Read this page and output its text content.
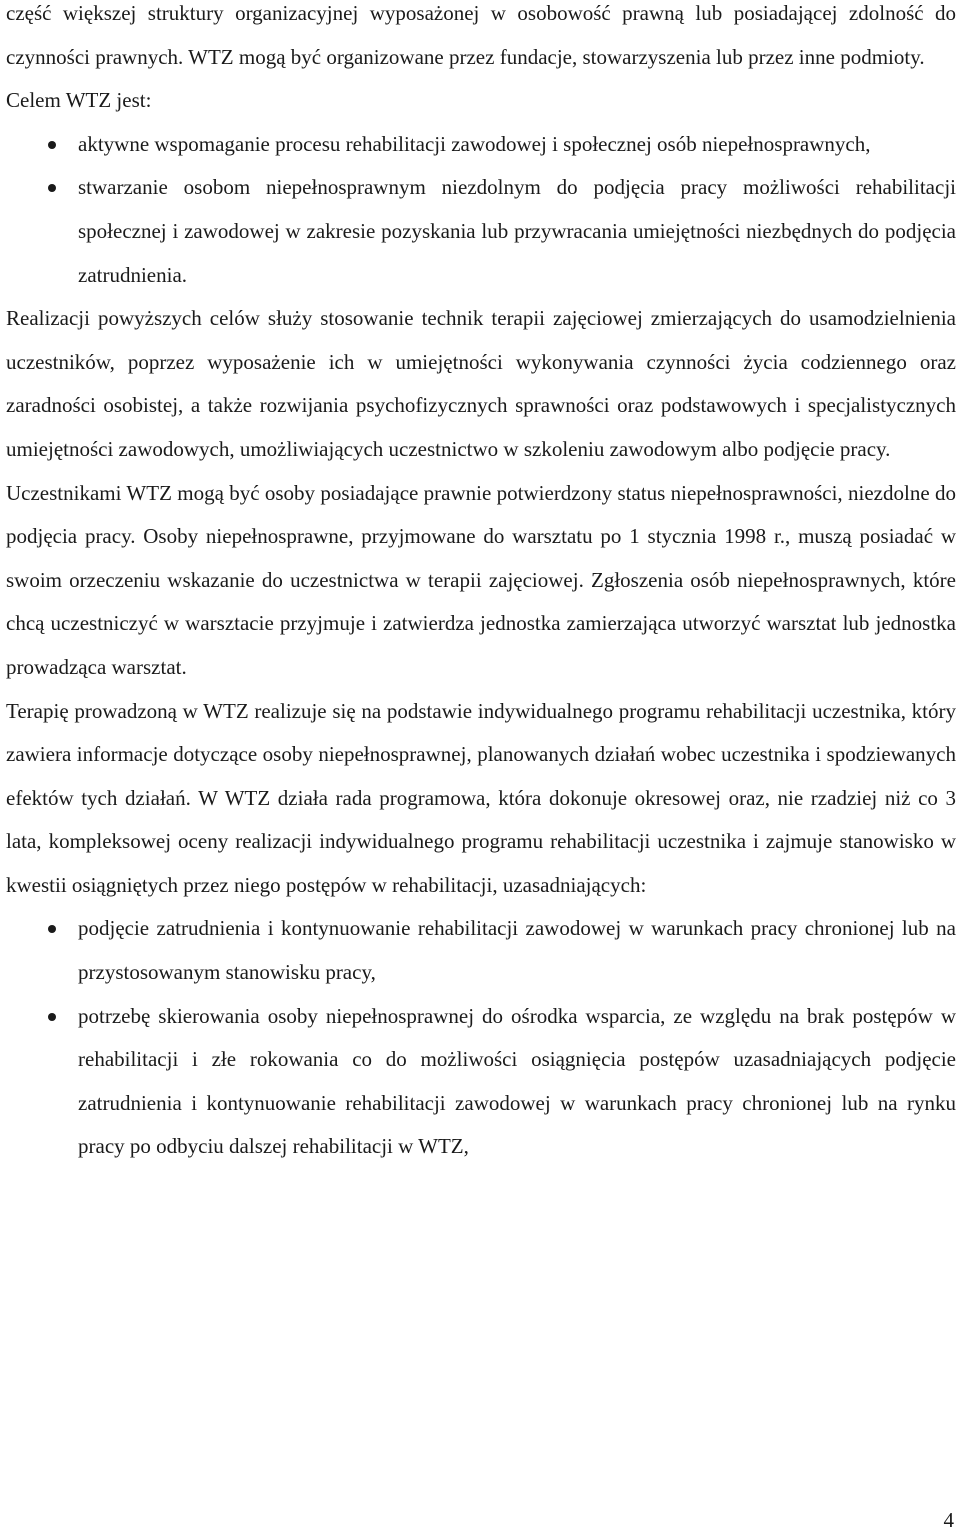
część większej struktury organizacyjnej wyposażonej w osobowość prawną lub posiadającej zdolność do czynności prawnych. WTZ mogą być organizowane przez fundacje, stowarzyszenia lub przez inne podmioty.

Celem WTZ jest:

aktywne wspomaganie procesu rehabilitacji zawodowej i społecznej osób niepełnosprawnych,
stwarzanie osobom niepełnosprawnym niezdolnym do podjęcia pracy możliwości rehabilitacji społecznej i zawodowej w zakresie pozyskania lub przywracania umiejętności niezbędnych do podjęcia zatrudnienia.

Realizacji powyższych celów służy stosowanie technik terapii zajęciowej zmierzających do usamodzielnienia uczestników, poprzez wyposażenie ich w umiejętności wykonywania czynności życia codziennego oraz zaradności osobistej, a także rozwijania psychofizycznych sprawności oraz podstawowych i specjalistycznych umiejętności zawodowych, umożliwiających uczestnictwo w szkoleniu zawodowym albo podjęcie pracy.

Uczestnikami WTZ mogą być osoby posiadające prawnie potwierdzony status niepełnosprawności, niezdolne do podjęcia pracy. Osoby niepełnosprawne, przyjmowane do warsztatu po 1 stycznia 1998 r., muszą posiadać w swoim orzeczeniu wskazanie do uczestnictwa w terapii zajęciowej. Zgłoszenia osób niepełnosprawnych, które chcą uczestniczyć w warsztacie przyjmuje i zatwierdza jednostka zamierzająca utworzyć warsztat lub jednostka prowadząca warsztat.

Terapię prowadzoną w WTZ realizuje się na podstawie indywidualnego programu rehabilitacji uczestnika, który zawiera informacje dotyczące osoby niepełnosprawnej, planowanych działań wobec uczestnika i spodziewanych efektów tych działań. W WTZ działa rada programowa, która dokonuje okresowej oraz, nie rzadziej niż co 3 lata, kompleksowej oceny realizacji indywidualnego programu rehabilitacji uczestnika i zajmuje stanowisko w kwestii osiągniętych przez niego postępów w rehabilitacji, uzasadniających:

podjęcie zatrudnienia i kontynuowanie rehabilitacji zawodowej w warunkach pracy chronionej lub na przystosowanym stanowisku pracy,
potrzebę skierowania osoby niepełnosprawnej do ośrodka wsparcia, ze względu na brak postępów w rehabilitacji i złe rokowania co do możliwości osiągnięcia postępów uzasadniających podjęcie zatrudnienia i kontynuowanie rehabilitacji zawodowej w warunkach pracy chronionej lub na rynku pracy po odbyciu dalszej rehabilitacji w WTZ,
4
